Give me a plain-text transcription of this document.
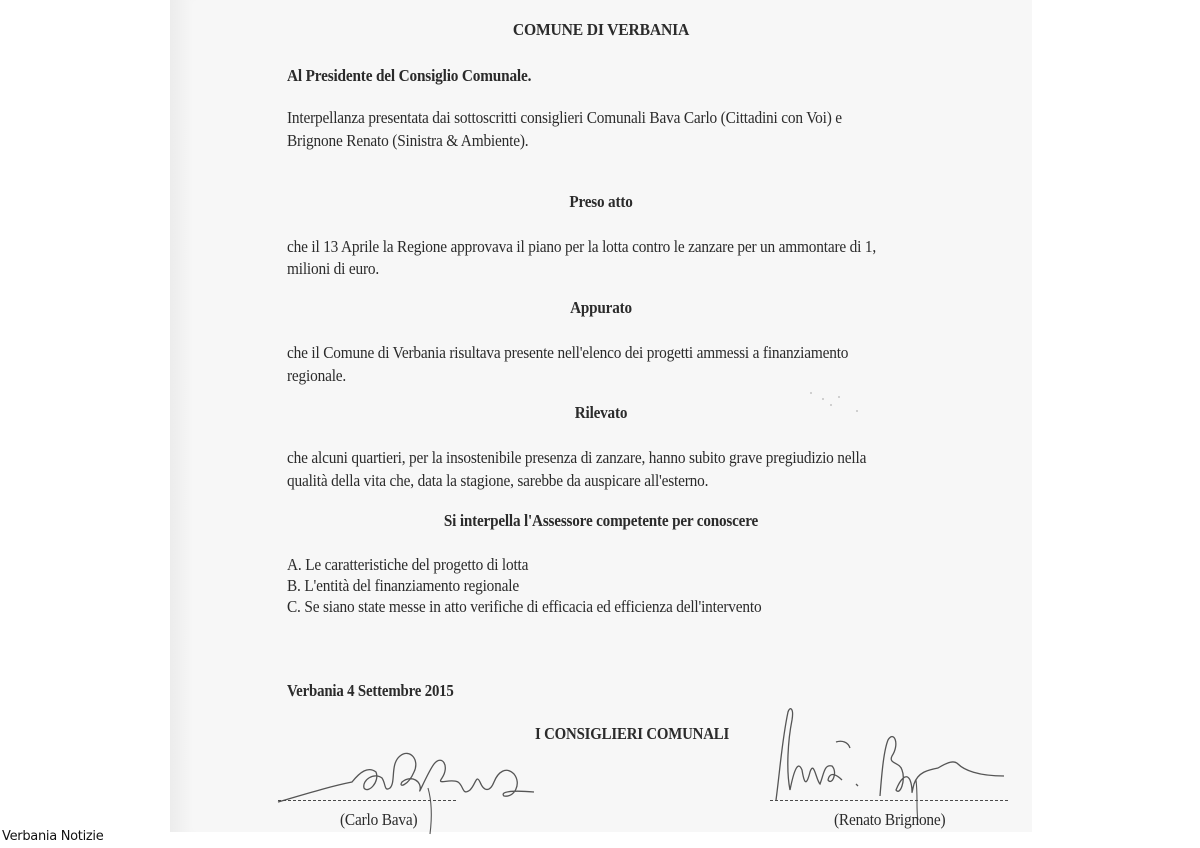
COMUNE DI VERBANIA
Al Presidente del Consiglio Comunale.
Interpellanza presentata dai sottoscritti consiglieri Comunali Bava Carlo (Cittadini con Voi) e
Brignone Renato (Sinistra & Ambiente).
Preso atto
che il 13 Aprile la Regione approvava il piano per la lotta contro le zanzare per un ammontare di 1,
milioni di euro.
Appurato
che il Comune di Verbania risultava presente nell'elenco dei progetti ammessi a finanziamento
regionale.
Rilevato
che alcuni quartieri, per la insostenibile presenza di zanzare, hanno subito grave pregiudizio nella
qualità della vita che, data la stagione, sarebbe da auspicare all'esterno.
Si interpella l'Assessore competente per conoscere
A. Le caratteristiche del progetto di lotta
B. L'entità del finanziamento regionale
C. Se siano state messe in atto verifiche di efficacia ed efficienza dell'intervento
Verbania 4 Settembre 2015
I CONSIGLIERI COMUNALI
(Carlo Bava)	(Renato Brignone)
Verbania Notizie
